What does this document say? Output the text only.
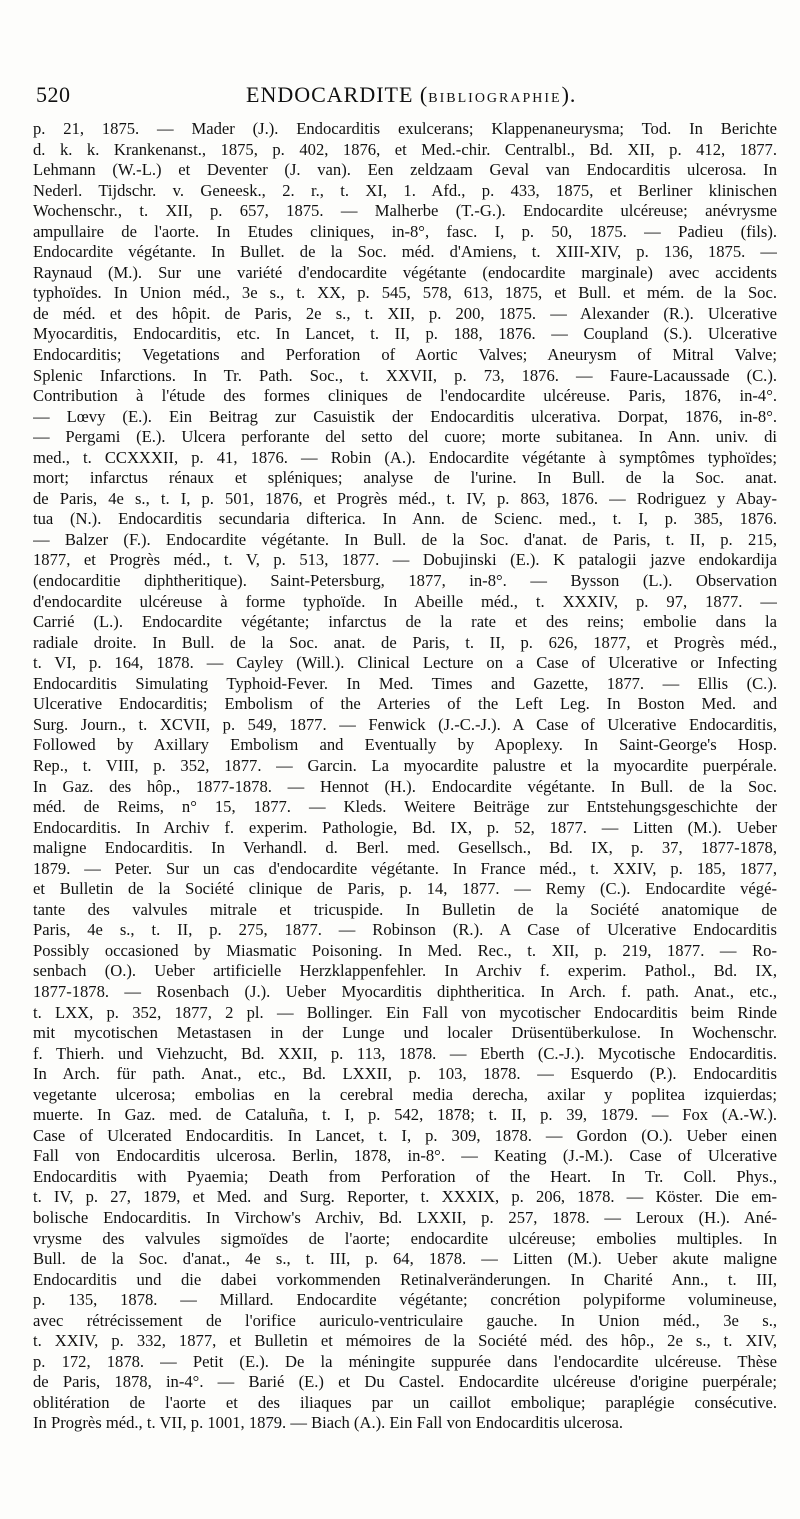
520	ENDOCARDITE (BIBLIOGRAPHIE).
p. 21, 1875. — Mader (J.). Endocarditis exulcerans; Klappenaneurysma; Tod. In Berichte
d. k. k. Krankenanst., 1875, p. 402, 1876, et Med.-chir. Centralbl., Bd. XII, p. 412, 1877.
Lehmann (W.-L.) et Deventer (J. van). Een zeldzaam Geval van Endocarditis ulcerosa. In
Nederl. Tijdschr. v. Geneesk., 2. r., t. XI, 1. Afd., p. 433, 1875, et Berliner klinischen
Wochenschr., t. XII, p. 657, 1875. — Malherbe (T.-G.). Endocardite ulcéreuse; anévrysme
ampullaire de l'aorte. In Etudes cliniques, in-8°, fasc. I, p. 50, 1875. — Padieu (fils).
Endocardite végétante. In Bullet. de la Soc. méd. d'Amiens, t. XIII-XIV, p. 136, 1875. —
Raynaud (M.). Sur une variété d'endocardite végétante (endocardite marginale) avec accidents
typhoïdes. In Union méd., 3e s., t. XX, p. 545, 578, 613, 1875, et Bull. et mém. de la Soc.
de méd. et des hôpit. de Paris, 2e s., t. XII, p. 200, 1875. — Alexander (R.). Ulcerative
Myocarditis, Endocarditis, etc. In Lancet, t. II, p. 188, 1876. — Coupland (S.). Ulcerative
Endocarditis; Vegetations and Perforation of Aortic Valves; Aneurysm of Mitral Valve;
Splenic Infarctions. In Tr. Path. Soc., t. XXVII, p. 73, 1876. — Faure-Lacaussade (C.).
Contribution à l'étude des formes cliniques de l'endocardite ulcéreuse. Paris, 1876, in-4°.
— Lœvy (E.). Ein Beitrag zur Casuistik der Endocarditis ulcerativa. Dorpat, 1876, in-8°.
— Pergami (E.). Ulcera perforante del setto del cuore; morte subitanea. In Ann. univ. di
med., t. CCXXXII, p. 41, 1876. — Robin (A.). Endocardite végétante à symptômes typhoïdes;
mort; infarctus rénaux et spléniques; analyse de l'urine. In Bull. de la Soc. anat.
de Paris, 4e s., t. I, p. 501, 1876, et Progrès méd., t. IV, p. 863, 1876. — Rodriguez y Abay-
tua (N.). Endocarditis secundaria difterica. In Ann. de Scienc. med., t. I, p. 385, 1876.
— Balzer (F.). Endocardite végétante. In Bull. de la Soc. d'anat. de Paris, t. II, p. 215,
1877, et Progrès méd., t. V, p. 513, 1877. — Dobujinski (E.). K patalogii jazve endokardija
(endocarditie diphtheritique). Saint-Petersburg, 1877, in-8°. — Bysson (L.). Observation
d'endocardite ulcéreuse à forme typhoïde. In Abeille méd., t. XXXIV, p. 97, 1877. —
Carrié (L.). Endocardite végétante; infarctus de la rate et des reins; embolie dans la
radiale droite. In Bull. de la Soc. anat. de Paris, t. II, p. 626, 1877, et Progrès méd.,
t. VI, p. 164, 1878. — Cayley (Will.). Clinical Lecture on a Case of Ulcerative or Infecting
Endocarditis Simulating Typhoid-Fever. In Med. Times and Gazette, 1877. — Ellis (C.).
Ulcerative Endocarditis; Embolism of the Arteries of the Left Leg. In Boston Med. and
Surg. Journ., t. XCVII, p. 549, 1877. — Fenwick (J.-C.-J.). A Case of Ulcerative Endocarditis,
Followed by Axillary Embolism and Eventually by Apoplexy. In Saint-George's Hosp.
Rep., t. VIII, p. 352, 1877. — Garcin. La myocardite palustre et la myocardite puerpérale.
In Gaz. des hôp., 1877-1878. — Hennot (H.). Endocardite végétante. In Bull. de la Soc.
méd. de Reims, n° 15, 1877. — Kleds. Weitere Beiträge zur Entstehungsgeschichte der
Endocarditis. In Archiv f. experim. Pathologie, Bd. IX, p. 52, 1877. — Litten (M.). Ueber
maligne Endocarditis. In Verhandl. d. Berl. med. Gesellsch., Bd. IX, p. 37, 1877-1878,
1879. — Peter. Sur un cas d'endocardite végétante. In France méd., t. XXIV, p. 185, 1877,
et Bulletin de la Société clinique de Paris, p. 14, 1877. — Remy (C.). Endocardite végé-
tante des valvules mitrale et tricuspide. In Bulletin de la Société anatomique de
Paris, 4e s., t. II, p. 275, 1877. — Robinson (R.). A Case of Ulcerative Endocarditis
Possibly occasioned by Miasmatic Poisoning. In Med. Rec., t. XII, p. 219, 1877. — Ro-
senbach (O.). Ueber artificielle Herzklappenfehler. In Archiv f. experim. Pathol., Bd. IX,
1877-1878. — Rosenbach (J.). Ueber Myocarditis diphtheritica. In Arch. f. path. Anat., etc.,
t. LXX, p. 352, 1877, 2 pl. — Bollinger. Ein Fall von mycotischer Endocarditis beim Rinde
mit mycotischen Metastasen in der Lunge und localer Drüsentüberkulose. In Wochenschr.
f. Thierh. und Viehzucht, Bd. XXII, p. 113, 1878. — Eberth (C.-J.). Mycotische Endocarditis.
In Arch. für path. Anat., etc., Bd. LXXII, p. 103, 1878. — Esquerdo (P.). Endocarditis
vegetante ulcerosa; embolias en la cerebral media derecha, axilar y poplitea izquierdas;
muerte. In Gaz. med. de Cataluña, t. I, p. 542, 1878; t. II, p. 39, 1879. — Fox (A.-W.).
Case of Ulcerated Endocarditis. In Lancet, t. I, p. 309, 1878. — Gordon (O.). Ueber einen
Fall von Endocarditis ulcerosa. Berlin, 1878, in-8°. — Keating (J.-M.). Case of Ulcerative
Endocarditis with Pyaemia; Death from Perforation of the Heart. In Tr. Coll. Phys.,
t. IV, p. 27, 1879, et Med. and Surg. Reporter, t. XXXIX, p. 206, 1878. — Köster. Die em-
bolische Endocarditis. In Virchow's Archiv, Bd. LXXII, p. 257, 1878. — Leroux (H.). Ané-
vrysme des valvules sigmoïdes de l'aorte; endocardite ulcéreuse; embolies multiples. In
Bull. de la Soc. d'anat., 4e s., t. III, p. 64, 1878. — Litten (M.). Ueber akute maligne
Endocarditis und die dabei vorkommenden Retinalveränderungen. In Charité Ann., t. III,
p. 135, 1878. — Millard. Endocardite végétante; concrétion polypiforme volumineuse,
avec rétrécissement de l'orifice auriculo-ventriculaire gauche. In Union méd., 3e s.,
t. XXIV, p. 332, 1877, et Bulletin et mémoires de la Société méd. des hôp., 2e s., t. XIV,
p. 172, 1878. — Petit (E.). De la méningite suppurée dans l'endocardite ulcéreuse. Thèse
de Paris, 1878, in-4°. — Barié (E.) et Du Castel. Endocardite ulcéreuse d'origine puerpérale;
oblitération de l'aorte et des iliaques par un caillot embolique; paraplégie consécutive.
In Progrès méd., t. VII, p. 1001, 1879. — Biach (A.). Ein Fall von Endocarditis ulcerosa.
